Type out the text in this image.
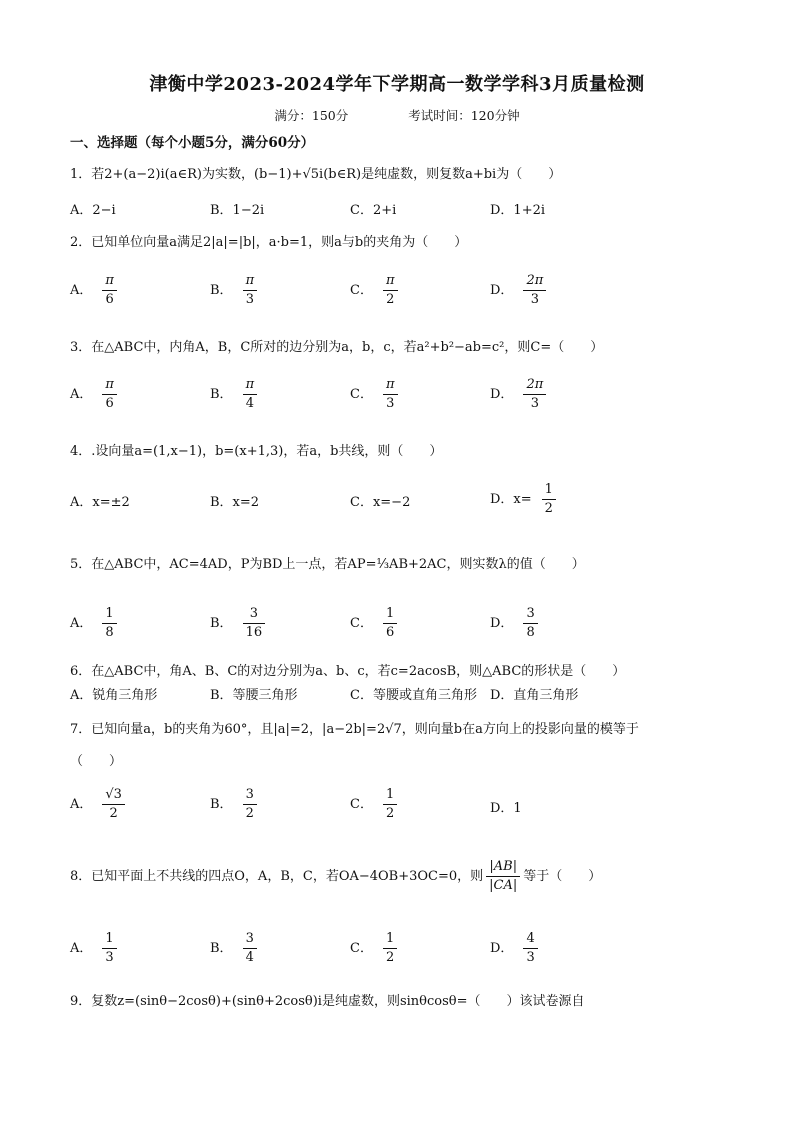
津衡中学2023-2024学年下学期高一数学学科3月质量检测
满分：150分	考试时间：120分钟
一、选择题（每个小题5分，满分60分）
1．若2+(a−2)i(a∈R)为实数，(b−1)+√5i(b∈R)是纯虚数，则复数a+bi为（　　）
A．2−i	B．1−2i	C．2+i	D．1+2i
2．已知单位向量a满足2|a|=|b|，a·b=1，则a与b的夹角为（　　）
A． $\frac{\pi}{6}$	B． $\frac{\pi}{3}$	C． $\frac{\pi}{2}$	D． $\frac{2\pi}{3}$
3．在△ABC中，内角A，B，C所对的边分别为a，b，c，若a²+b²−ab=c²，则C=（　　）
A． $\frac{\pi}{6}$	B． $\frac{\pi}{4}$	C． $\frac{\pi}{3}$	D． $\frac{2\pi}{3}$
4．.设向量a=(1,x−1)，b=(x+1,3)，若a，b共线，则（　　）
A．x=±2	B．x=2	C．x=−2	D．$x= \frac{1}{2}$
5．在△ABC中，AC=4AD，P为BD上一点，若AP=⅓AB+2AC，则实数λ的值（　　）
A． $\frac{1}{8}$	B． $\frac{3}{16}$	C． $\frac{1}{6}$	D． $\frac{3}{8}$
6．在△ABC中，角A、B、C的对边分别为a、b、c，若c=2acosB，则△ABC的形状是（　　）
A．锐角三角形	B．等腰三角形	C．等腰或直角三角形 D．直角三角形
7．已知向量a，b的夹角为60°，且|a|=2，|a−2b|=2√7，则向量b在a方向上的投影向量的模等于
（　　）
A． $\frac{√3}{2}$	B． $\frac{3}{2}$	C． $\frac{1}{2}$	D．1
8．已知平面上不共线的四点O，A，B，C，若OA−4OB+3OC=0，则 $\frac{|AB|}{|CA|}$ 等于（　　）
A． $\frac{1}{3}$	B． $\frac{3}{4}$	C． $\frac{1}{2}$	D． $\frac{4}{3}$
9．复数z=(sinθ−2cosθ)+(sinθ+2cosθ)i是纯虚数，则sinθcosθ=（　　）该试卷源自
